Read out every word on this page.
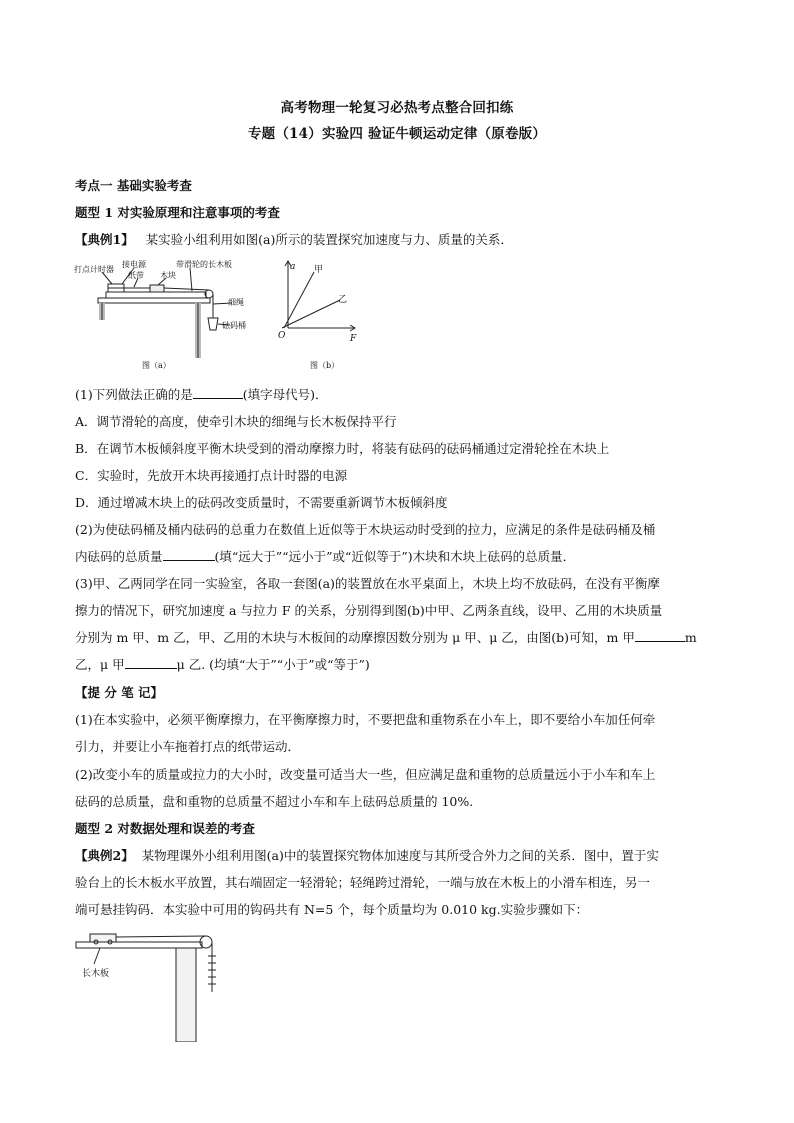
高考物理一轮复习必热考点整合回扣练
专题（14）实验四 验证牛顿运动定律（原卷版）
考点一 基础实验考查
题型 1 对实验原理和注意事项的考查
【典例1】 某实验小组利用如图(a)所示的装置探究加速度与力、质量的关系．
打点计时器
接电源
纸带 木块
带滑轮的长木板
细绳
砝码桶
图（a）
a
O	F
甲
乙
图（b）
(1)下列做法正确的是	(填字母代号)．
A．调节滑轮的高度，使牵引木块的细绳与长木板保持平行
B．在调节木板倾斜度平衡木块受到的滑动摩擦力时，将装有砝码的砝码桶通过定滑轮拴在木块上
C．实验时，先放开木块再接通打点计时器的电源
D．通过增减木块上的砝码改变质量时，不需要重新调节木板倾斜度
(2)为使砝码桶及桶内砝码的总重力在数值上近似等于木块运动时受到的拉力，应满足的条件是砝码桶及桶
内砝码的总质量	(填“远大于”“远小于”或“近似等于”)木块和木块上砝码的总质量．
(3)甲、乙两同学在同一实验室，各取一套图(a)的装置放在水平桌面上，木块上均不放砝码，在没有平衡摩
擦力的情况下，研究加速度 a 与拉力 F 的关系，分别得到图(b)中甲、乙两条直线，设甲、乙用的木块质量
分别为 m 甲、m 乙，甲、乙用的木块与木板间的动摩擦因数分别为 μ 甲、μ 乙，由图(b)可知，m 甲	m
乙，μ 甲	μ 乙. (均填“大于”“小于”或“等于”)
【提 分 笔 记】
(1)在本实验中，必须平衡摩擦力，在平衡摩擦力时，不要把盘和重物系在小车上，即不要给小车加任何牵
引力，并要让小车拖着打点的纸带运动．
(2)改变小车的质量或拉力的大小时，改变量可适当大一些，但应满足盘和重物的总质量远小于小车和车上
砝码的总质量，盘和重物的总质量不超过小车和车上砝码总质量的 10%.
题型 2 对数据处理和误差的考查
【典例2】 某物理课外小组利用图(a)中的装置探究物体加速度与其所受合外力之间的关系．图中，置于实
验台上的长木板水平放置，其右端固定一轻滑轮；轻绳跨过滑轮，一端与放在木板上的小滑车相连，另一
端可悬挂钩码．本实验中可用的钩码共有 N=5 个，每个质量均为 0.010 kg.实验步骤如下：
长木板
